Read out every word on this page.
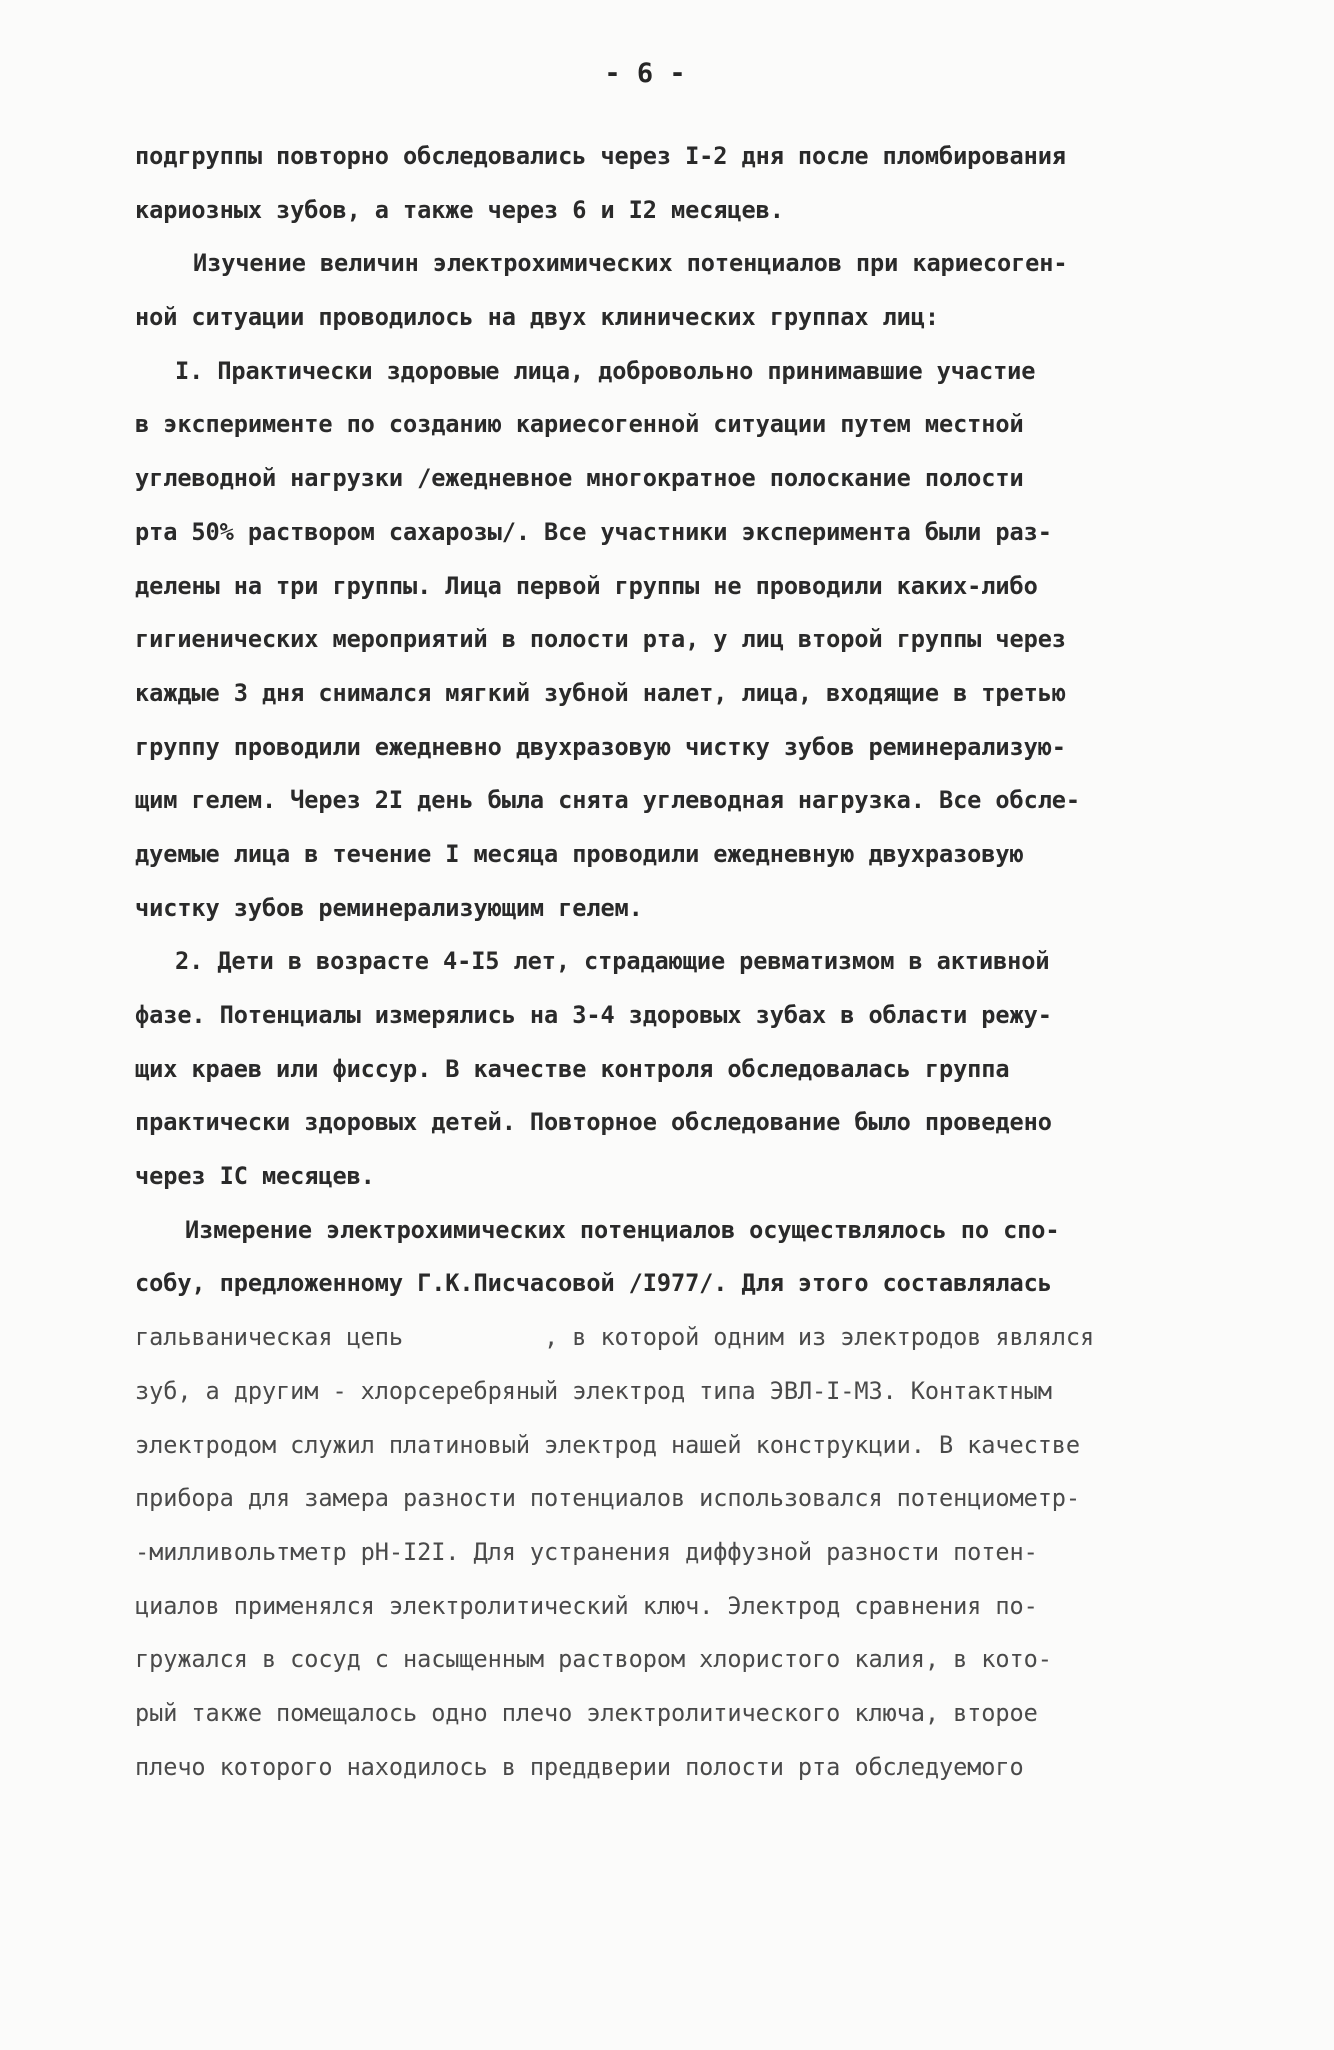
- 6 -
подгруппы повторно обследовались через I-2 дня после пломбирования
кариозных зубов, а также через 6 и I2 месяцев.
Изучение величин электрохимических потенциалов при кариесоген-
ной ситуации проводилось на двух клинических группах лиц:
I. Практически здоровые лица, добровольно принимавшие участие
в эксперименте по созданию кариесогенной ситуации путем местной
углеводной нагрузки /ежедневное многократное полоскание полости
рта 50% раствором сахарозы/. Все участники эксперимента были раз-
делены на три группы. Лица первой группы не проводили каких-либо
гигиенических мероприятий в полости рта, у лиц второй группы через
каждые 3 дня снимался мягкий зубной налет, лица, входящие в третью
группу проводили ежедневно двухразовую чистку зубов реминерализую-
щим гелем. Через 2I день была снята углеводная нагрузка. Все обсле-
дуемые лица в течение I месяца проводили ежедневную двухразовую
чистку зубов реминерализующим гелем.
2. Дети в возрасте 4-I5 лет, страдающие ревматизмом в активной
фазе. Потенциалы измерялись на 3-4 здоровых зубах в области режу-
щих краев или фиссур. В качестве контроля обследовалась группа
практически здоровых детей. Повторное обследование было проведено
через IC месяцев.
Измерение электрохимических потенциалов осуществлялось по спо-
собу, предложенному Г.К.Писчасовой /I977/. Для этого составлялась
гальваническая цепь          , в которой одним из электродов являлся
зуб, а другим - хлорсеребряный электрод типа ЭВЛ-I-МЗ. Контактным
электродом служил платиновый электрод нашей конструкции. В качестве
прибора для замера разности потенциалов использовался потенциометр-
-милливольтметр рН-I2I. Для устранения диффузной разности потен-
циалов применялся электролитический ключ. Электрод сравнения по-
гружался в сосуд с насыщенным раствором хлористого калия, в кото-
рый также помещалось одно плечо электролитического ключа, второе
плечо которого находилось в преддверии полости рта обследуемого
